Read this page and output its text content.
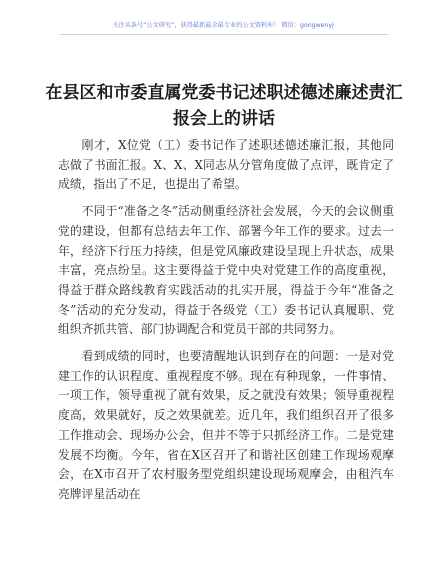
关注头条号“公文研究”，获得最新最全最专业的公文资料库！ 微信：gongwenyj
在县区和市委直属党委书记述职述德述廉述责汇报会上的讲话

刚才，X位党（工）委书记作了述职述德述廉汇报，其他同志做了书面汇报。X、X、X同志从分管角度做了点评，既肯定了成绩，指出了不足，也提出了希望。

不同于“准备之冬”活动侧重经济社会发展，今天的会议侧重党的建设，但都有总结去年工作、部署今年工作的要求。过去一年，经济下行压力持续，但是党风廉政建设呈现上升状态，成果丰富，亮点纷呈。这主要得益于党中央对党建工作的高度重视，得益于群众路线教育实践活动的扎实开展，得益于今年“准备之冬”活动的充分发动，得益于各级党（工）委书记认真履职、党组织齐抓共管、部门协调配合和党员干部的共同努力。

看到成绩的同时，也要清醒地认识到存在的问题：一是对党建工作的认识程度、重视程度不够。现在有种现象，一件事情、一项工作，领导重视了就有效果，反之就没有效果；领导重视程度高，效果就好，反之效果就差。近几年，我们组织召开了很多工作推动会、现场办公会，但并不等于只抓经济工作。二是党建发展不均衡。今年，省在X区召开了和谐社区创建工作现场观摩会，在X市召开了农村服务型党组织建设现场观摩会，由租汽车亮牌评星活动在
